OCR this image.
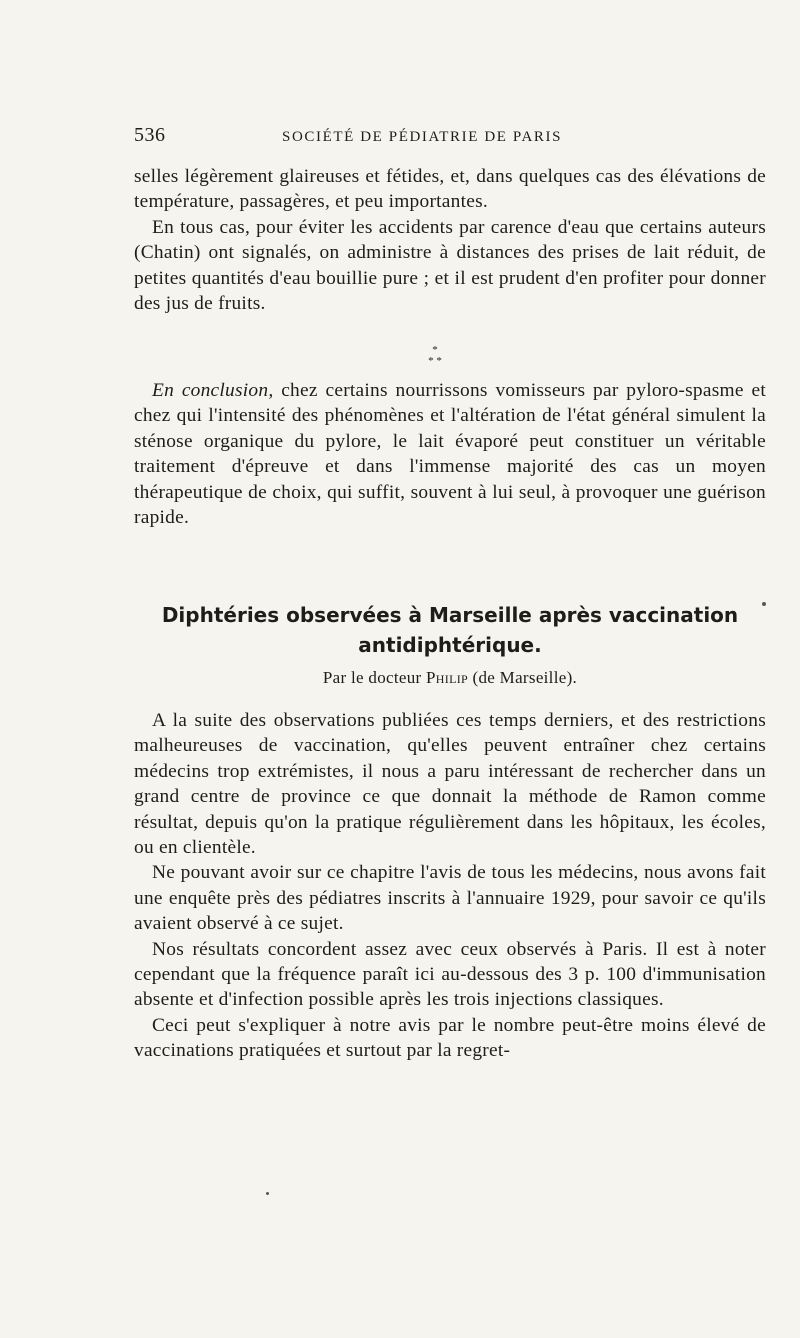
536	SOCIÉTÉ DE PÉDIATRIE DE PARIS

selles légèrement glaireuses et fétides, et, dans quelques cas des élévations de température, passagères, et peu importantes.

En tous cas, pour éviter les accidents par carence d'eau que certains auteurs (Chatin) ont signalés, on administre à distances des prises de lait réduit, de petites quantités d'eau bouillie pure ; et il est prudent d'en profiter pour donner des jus de fruits.

*
* *

En conclusion, chez certains nourrissons vomisseurs par pyloro-spasme et chez qui l'intensité des phénomènes et l'altération de l'état général simulent la sténose organique du pylore, le lait évaporé peut constituer un véritable traitement d'épreuve et dans l'immense majorité des cas un moyen thérapeutique de choix, qui suffit, souvent à lui seul, à provoquer une guérison rapide.

Diphtéries observées à Marseille après vaccination
antidiphtérique.
Par le docteur Philip (de Marseille).

A la suite des observations publiées ces temps derniers, et des restrictions malheureuses de vaccination, qu'elles peuvent entraîner chez certains médecins trop extrémistes, il nous a paru intéressant de rechercher dans un grand centre de province ce que donnait la méthode de Ramon comme résultat, depuis qu'on la pratique régulièrement dans les hôpitaux, les écoles, ou en clientèle.

Ne pouvant avoir sur ce chapitre l'avis de tous les médecins, nous avons fait une enquête près des pédiatres inscrits à l'annuaire 1929, pour savoir ce qu'ils avaient observé à ce sujet.

Nos résultats concordent assez avec ceux observés à Paris. Il est à noter cependant que la fréquence paraît ici au-dessous des 3 p. 100 d'immunisation absente et d'infection possible après les trois injections classiques.

Ceci peut s'expliquer à notre avis par le nombre peut-être moins élevé de vaccinations pratiquées et surtout par la regret-
